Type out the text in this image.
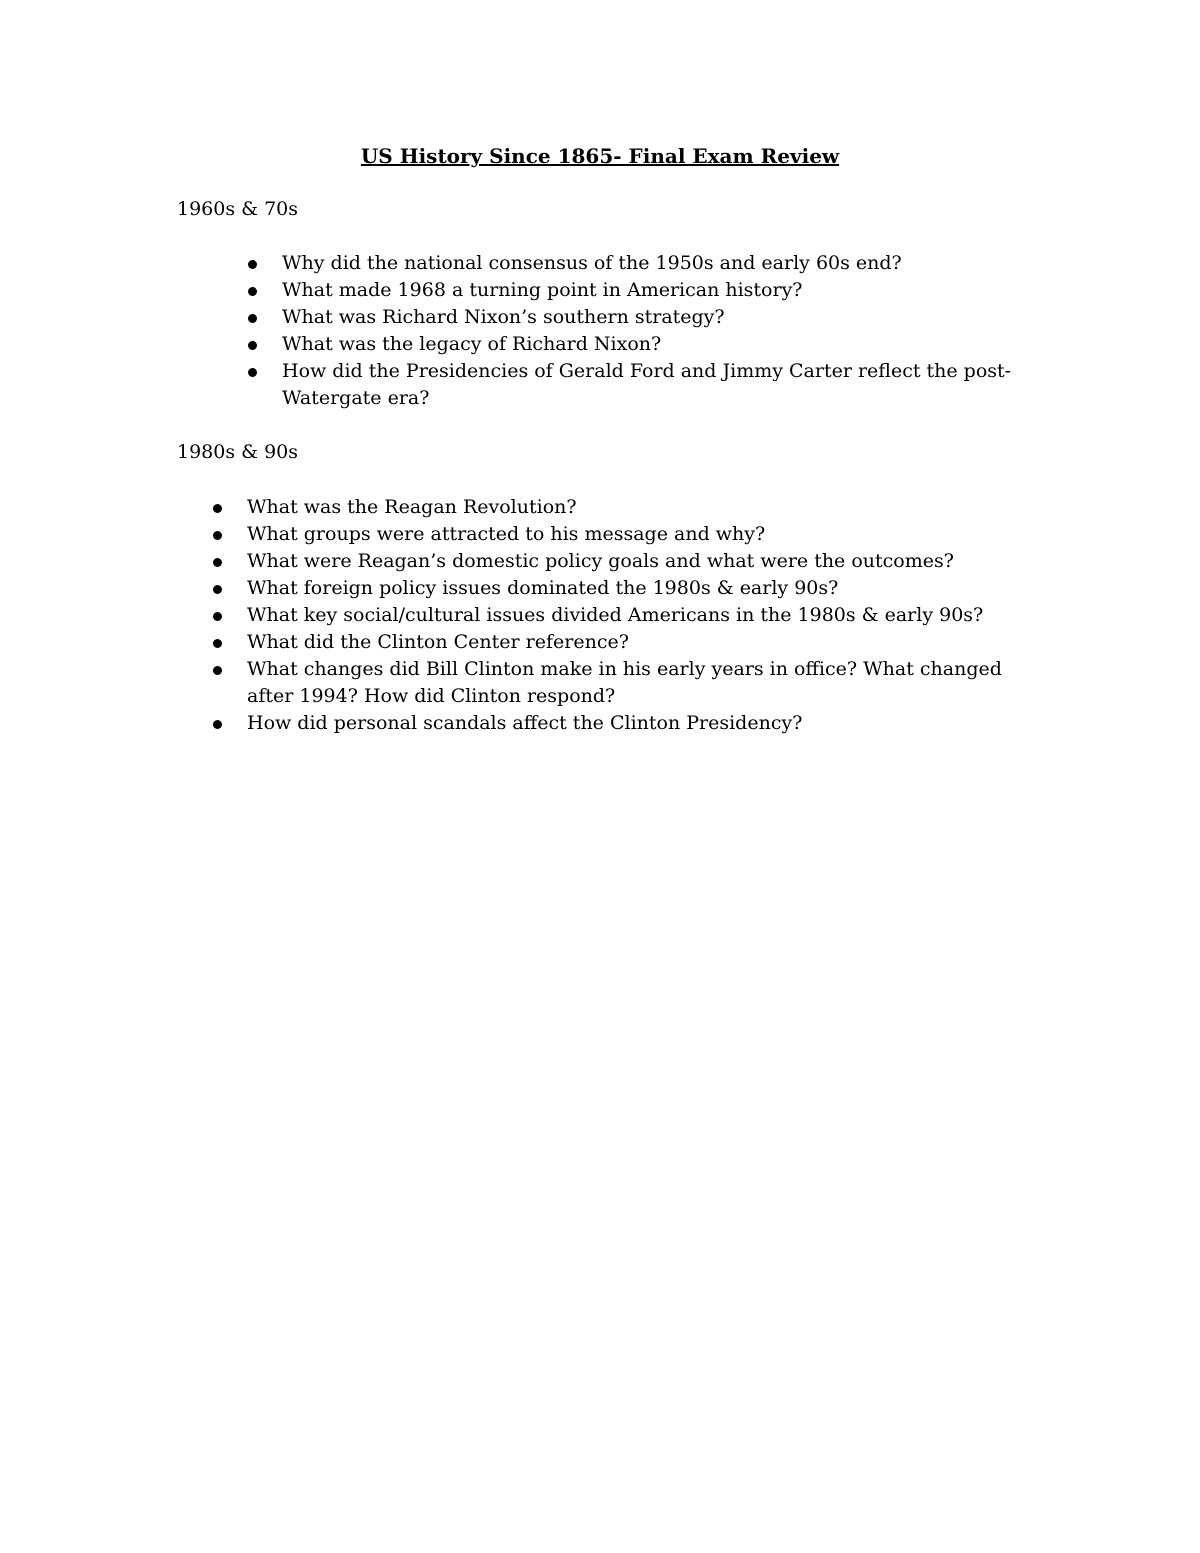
US History Since 1865- Final Exam Review

1960s & 70s

Why did the national consensus of the 1950s and early 60s end?
What made 1968 a turning point in American history?
What was Richard Nixon’s southern strategy?
What was the legacy of Richard Nixon?
How did the Presidencies of Gerald Ford and Jimmy Carter reflect the post-Watergate era?

1980s & 90s

What was the Reagan Revolution?
What groups were attracted to his message and why?
What were Reagan’s domestic policy goals and what were the outcomes?
What foreign policy issues dominated the 1980s & early 90s?
What key social/cultural issues divided Americans in the 1980s & early 90s?
What did the Clinton Center reference?
What changes did Bill Clinton make in his early years in office? What changed after 1994? How did Clinton respond?
How did personal scandals affect the Clinton Presidency?
